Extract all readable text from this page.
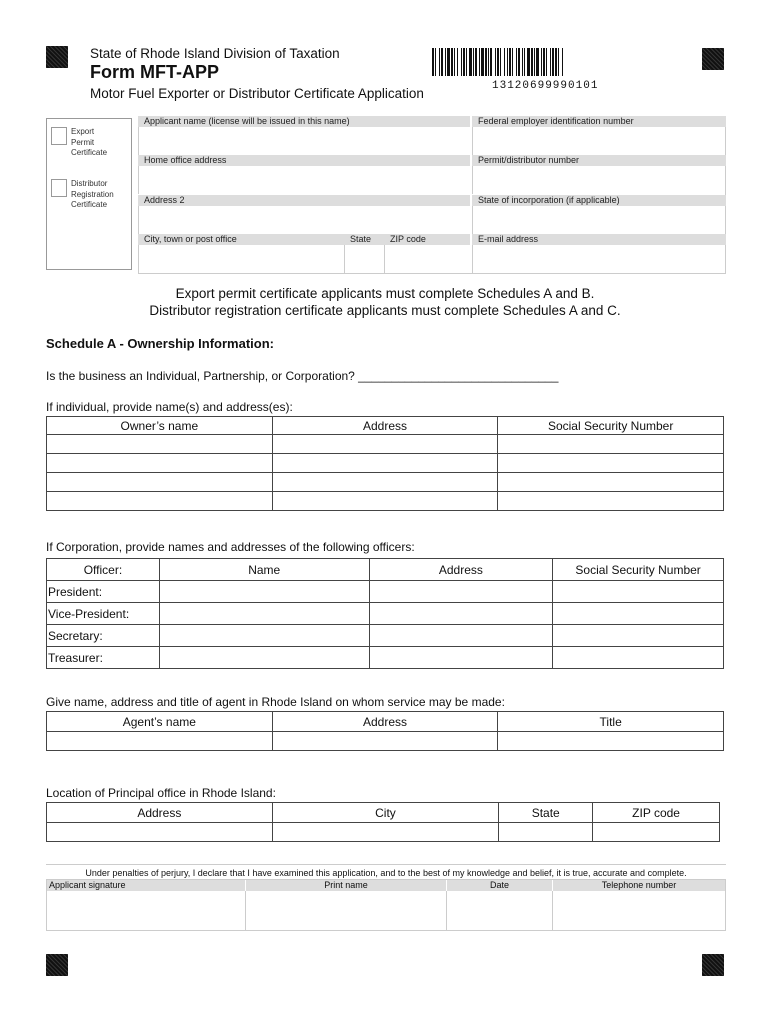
State of Rhode Island Division of Taxation
Form MFT-APP
Motor Fuel Exporter or Distributor Certificate Application	13120699990101
Export Permit Certificate
Distributor Registration Certificate
Applicant name (license will be issued in this name)	Federal employer identification number
Home office address	Permit/distributor number
Address 2	State of incorporation (if applicable)
City, town or post office	State	ZIP code	E-mail address
Export permit certificate applicants must complete Schedules A and B.
Distributor registration certificate applicants must complete Schedules A and C.
Schedule A - Ownership Information:
Is the business an Individual, Partnership, or Corporation? ______________________________
If individual, provide name(s) and address(es):
Owner’s name	Address	Social Security Number

If Corporation, provide names and addresses of the following officers:
Officer:	Name	Address	Social Security Number
President:			
Vice-President:			
Secretary:			
Treasurer:			
Give name, address and title of agent in Rhode Island on whom service may be made:
Agent’s name	Address	Title

Location of Principal office in Rhode Island:
Address	City	State	ZIP code

Under penalties of perjury, I declare that I have examined this application, and to the best of my knowledge and belief, it is true, accurate and complete.
Applicant signature	Print name	Date	Telephone number
